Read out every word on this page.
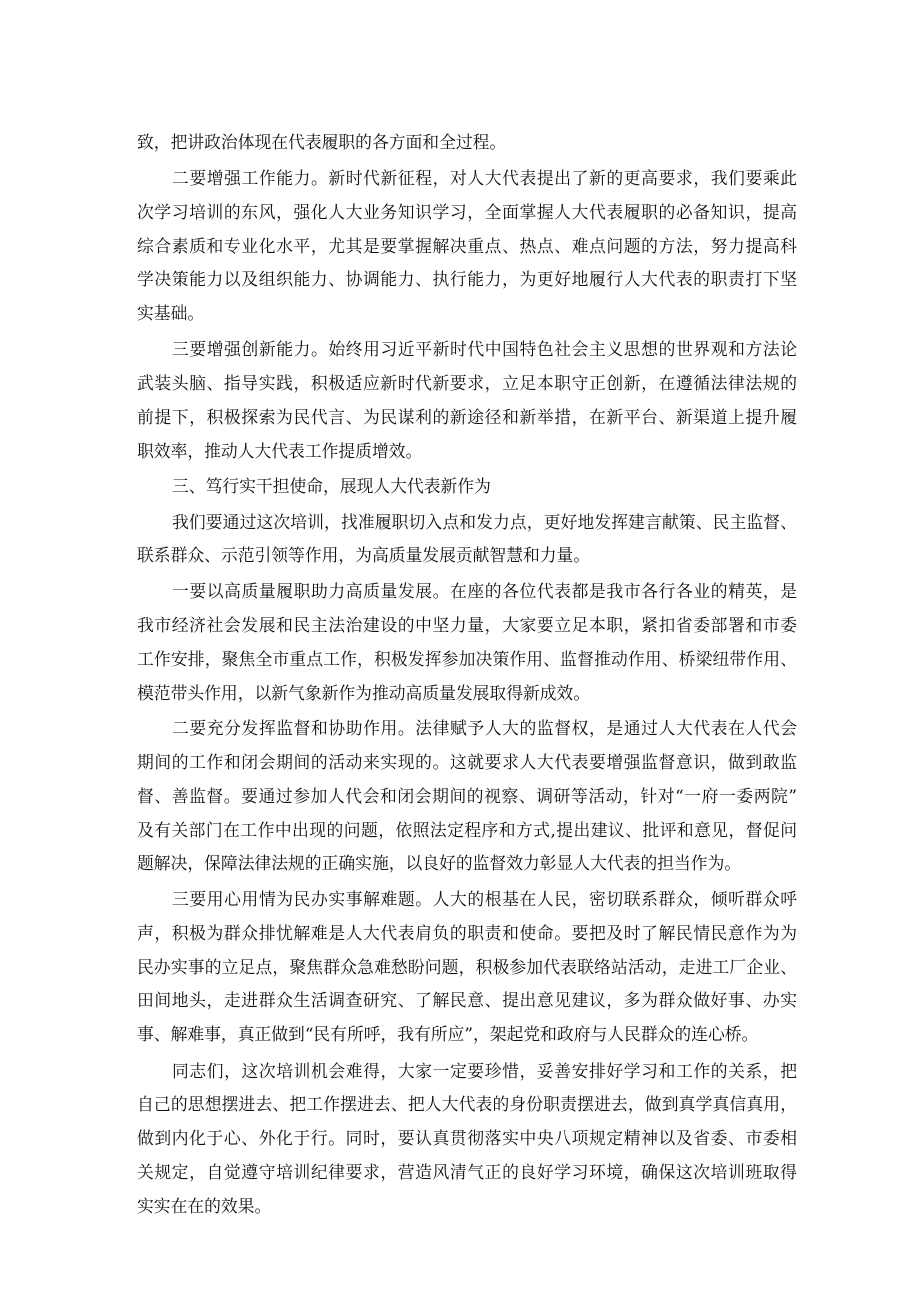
致，把讲政治体现在代表履职的各方面和全过程。
二要增强工作能力。新时代新征程，对人大代表提出了新的更高要求，我们要乘此
次学习培训的东风，强化人大业务知识学习，全面掌握人大代表履职的必备知识，提高
综合素质和专业化水平，尤其是要掌握解决重点、热点、难点问题的方法，努力提高科
学决策能力以及组织能力、协调能力、执行能力，为更好地履行人大代表的职责打下坚
实基础。
三要增强创新能力。始终用习近平新时代中国特色社会主义思想的世界观和方法论
武装头脑、指导实践，积极适应新时代新要求，立足本职守正创新，在遵循法律法规的
前提下，积极探索为民代言、为民谋利的新途径和新举措，在新平台、新渠道上提升履
职效率，推动人大代表工作提质增效。
三、笃行实干担使命，展现人大代表新作为
我们要通过这次培训，找准履职切入点和发力点，更好地发挥建言献策、民主监督、
联系群众、示范引领等作用，为高质量发展贡献智慧和力量。
一要以高质量履职助力高质量发展。在座的各位代表都是我市各行各业的精英，是
我市经济社会发展和民主法治建设的中坚力量，大家要立足本职，紧扣省委部署和市委
工作安排，聚焦全市重点工作，积极发挥参加决策作用、监督推动作用、桥梁纽带作用、
模范带头作用，以新气象新作为推动高质量发展取得新成效。
二要充分发挥监督和协助作用。法律赋予人大的监督权，是通过人大代表在人代会
期间的工作和闭会期间的活动来实现的。这就要求人大代表要增强监督意识，做到敢监
督、善监督。要通过参加人代会和闭会期间的视察、调研等活动，针对“一府一委两院”
及有关部门在工作中出现的问题，依照法定程序和方式,提出建议、批评和意见，督促问
题解决，保障法律法规的正确实施，以良好的监督效力彰显人大代表的担当作为。
三要用心用情为民办实事解难题。人大的根基在人民，密切联系群众，倾听群众呼
声，积极为群众排忧解难是人大代表肩负的职责和使命。要把及时了解民情民意作为为
民办实事的立足点，聚焦群众急难愁盼问题，积极参加代表联络站活动，走进工厂企业、
田间地头，走进群众生活调查研究、了解民意、提出意见建议，多为群众做好事、办实
事、解难事，真正做到“民有所呼，我有所应”，架起党和政府与人民群众的连心桥。
同志们，这次培训机会难得，大家一定要珍惜，妥善安排好学习和工作的关系，把
自己的思想摆进去、把工作摆进去、把人大代表的身份职责摆进去，做到真学真信真用，
做到内化于心、外化于行。同时，要认真贯彻落实中央八项规定精神以及省委、市委相
关规定，自觉遵守培训纪律要求，营造风清气正的良好学习环境，确保这次培训班取得
实实在在的效果。
